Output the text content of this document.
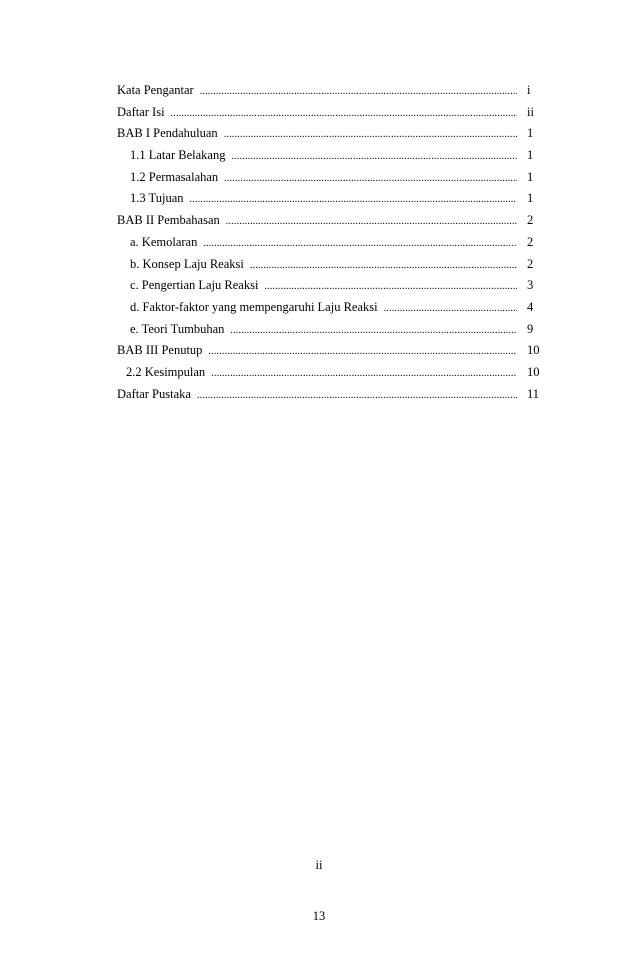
Kata Pengantar .....	i
Daftar Isi .....	ii
BAB I Pendahuluan .....	1
1.1 Latar Belakang .....	1
1.2 Permasalahan .....	1
1.3 Tujuan .....	1
BAB II Pembahasan .....	2
a. Kemolaran .....	2
b. Konsep Laju Reaksi .....	2
c. Pengertian Laju Reaksi .....	3
d. Faktor-faktor yang mempengaruhi Laju Reaksi .....	4
e. Teori Tumbuhan .....	9
BAB III Penutup .....	10
2.2 Kesimpulan .....	10
Daftar Pustaka .....	11
ii
13
